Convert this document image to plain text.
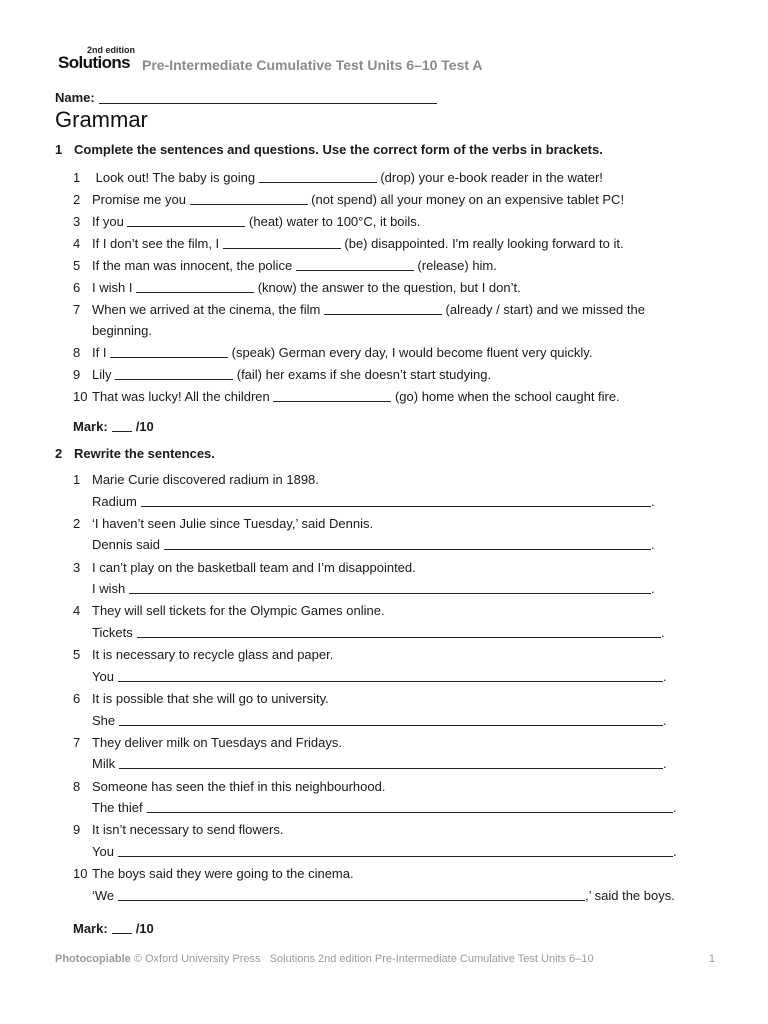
2nd edition
Solutions Pre-Intermediate Cumulative Test Units 6–10 Test A
Name:
Grammar
1 Complete the sentences and questions. Use the correct form of the verbs in brackets.
1 Look out! The baby is going	(drop) your e-book reader in the water!
2 Promise me you	(not spend) all your money on an expensive tablet PC!
3 If you	(heat) water to 100°C, it boils.
4 If I don’t see the film, I	(be) disappointed. I'm really looking forward to it.
5 If the man was innocent, the police	(release) him.
6 I wish I	(know) the answer to the question, but I don’t.
7 When we arrived at the cinema, the film	(already / start) and we missed the
beginning.
8 If I	(speak) German every day, I would become fluent very quickly.
9 Lily	(fail) her exams if she doesn’t start studying.
10 That was lucky! All the children	(go) home when the school caught fire.
Mark: /10
2 Rewrite the sentences.
1 Marie Curie discovered radium in 1898.
Radium	.
2 ‘I haven’t seen Julie since Tuesday,’ said Dennis.
Dennis said	.
3 I can’t play on the basketball team and I’m disappointed.
I wish	.
4 They will sell tickets for the Olympic Games online.
Tickets	.
5 It is necessary to recycle glass and paper.
You	.
6 It is possible that she will go to university.
She	.
7 They deliver milk on Tuesdays and Fridays.
Milk	.
8 Someone has seen the thief in this neighbourhood.
The thief	.
9 It isn’t necessary to send flowers.
You	.
10 The boys said they were going to the cinema.
‘We	,’ said the boys.
Mark: /10
Photocopiable © Oxford University Press Solutions 2nd edition Pre-Intermediate Cumulative Test Units 6–10	1
